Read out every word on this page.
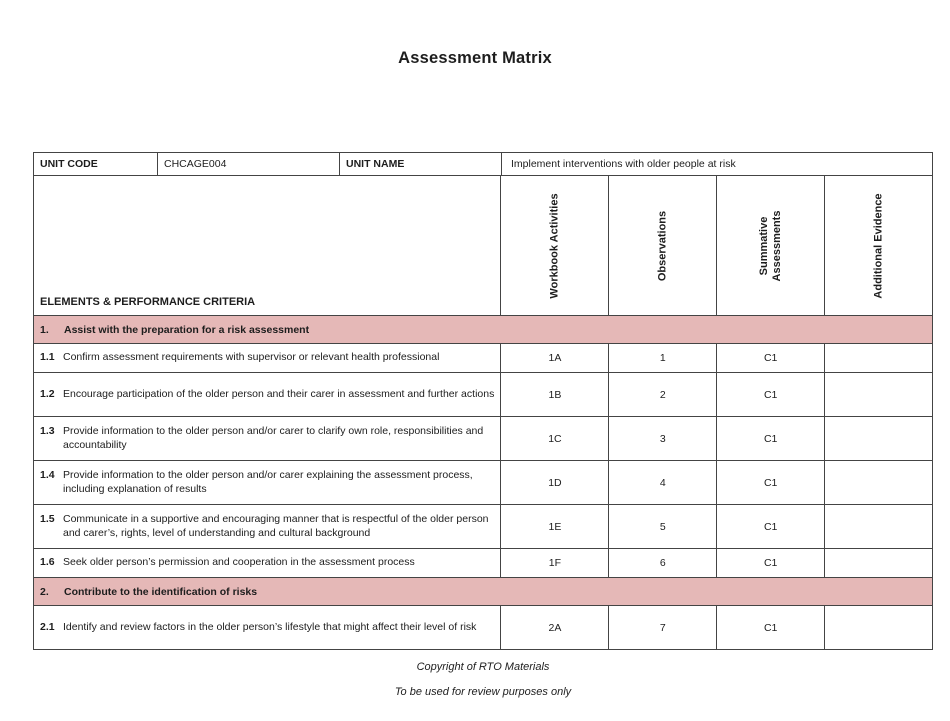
Assessment Matrix
UNIT CODE	CHCAGE004	UNIT NAME	Implement interventions with older people at risk
ELEMENTS & PERFORMANCE CRITERIA
Workbook Activities	Observations	Summative Assessments	Additional Evidence
1.	Assist with the preparation for a risk assessment
1.1 Confirm assessment requirements with supervisor or relevant health professional	1A	1	C1
1.2 Encourage participation of the older person and their carer in assessment and further actions	1B	2	C1
1.3 Provide information to the older person and/or carer to clarify own role, responsibilities and accountability	1C	3	C1
1.4 Provide information to the older person and/or carer explaining the assessment process, including explanation of results	1D	4	C1
1.5 Communicate in a supportive and encouraging manner that is respectful of the older person and carer’s, rights, level of understanding and cultural background	1E	5	C1
1.6 Seek older person’s permission and cooperation in the assessment process	1F	6	C1
2.	Contribute to the identification of risks
2.1 Identify and review factors in the older person’s lifestyle that might affect their level of risk	2A	7	C1
Copyright of RTO Materials
To be used for review purposes only
